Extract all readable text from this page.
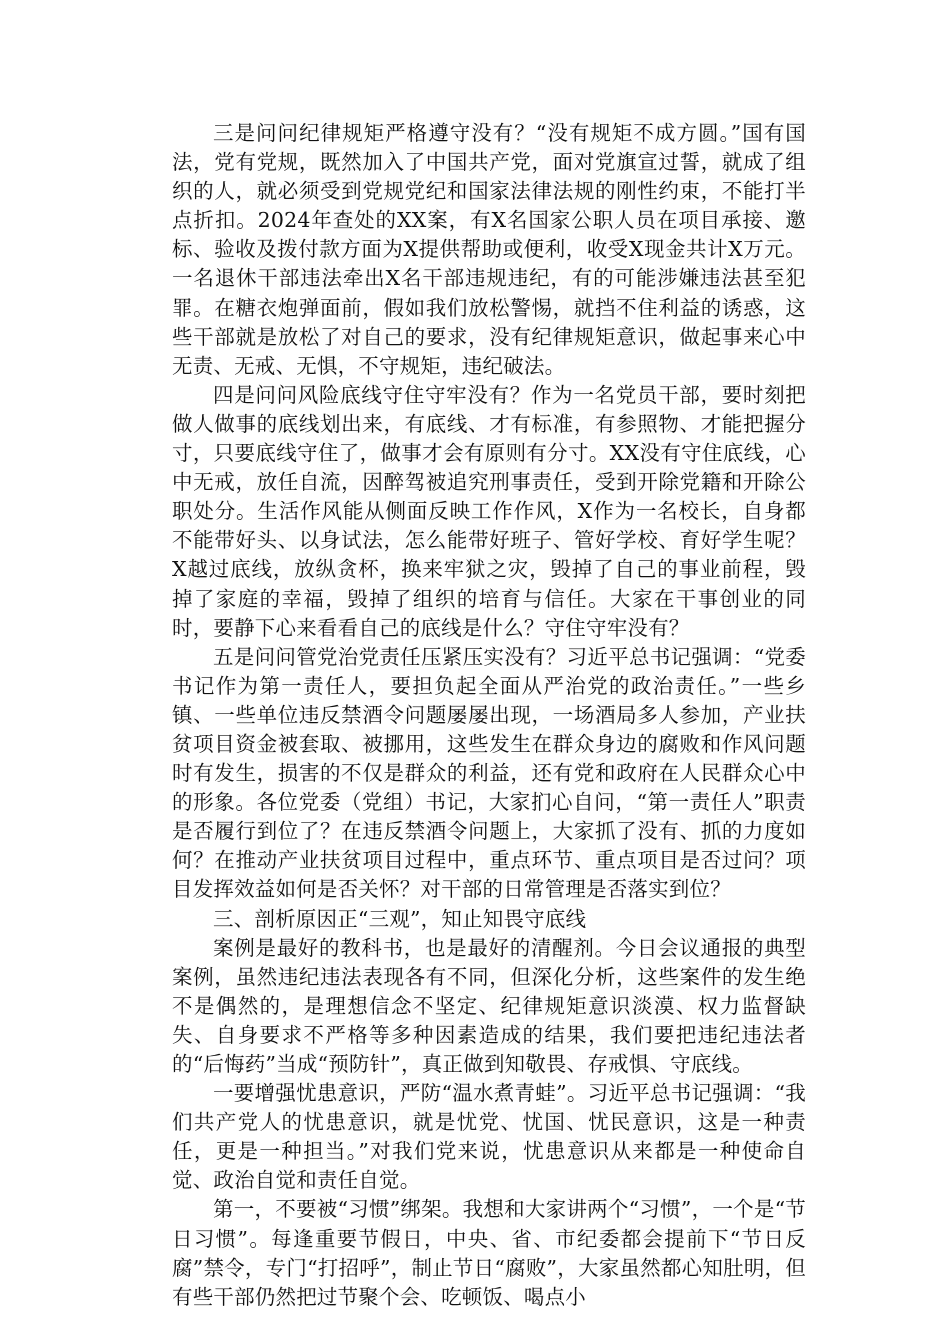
三是问问纪律规矩严格遵守没有？“没有规矩不成方圆。”国有国法，党有党规，既然加入了中国共产党，面对党旗宣过誓，就成了组织的人，就必须受到党规党纪和国家法律法规的刚性约束，不能打半点折扣。2024年查处的XX案，有X名国家公职人员在项目承接、邀标、验收及拨付款方面为X提供帮助或便利，收受X现金共计X万元。一名退休干部违法牵出X名干部违规违纪，有的可能涉嫌违法甚至犯罪。在糖衣炮弹面前，假如我们放松警惕，就挡不住利益的诱惑，这些干部就是放松了对自己的要求，没有纪律规矩意识，做起事来心中无责、无戒、无惧，不守规矩，违纪破法。

四是问问风险底线守住守牢没有？作为一名党员干部，要时刻把做人做事的底线划出来，有底线、才有标准，有参照物、才能把握分寸，只要底线守住了，做事才会有原则有分寸。XX没有守住底线，心中无戒，放任自流，因醉驾被追究刑事责任，受到开除党籍和开除公职处分。生活作风能从侧面反映工作作风，X作为一名校长，自身都不能带好头、以身试法，怎么能带好班子、管好学校、育好学生呢？X越过底线，放纵贪杯，换来牢狱之灾，毁掉了自己的事业前程，毁掉了家庭的幸福，毁掉了组织的培育与信任。大家在干事创业的同时，要静下心来看看自己的底线是什么？守住守牢没有？

五是问问管党治党责任压紧压实没有？习近平总书记强调：“党委书记作为第一责任人，要担负起全面从严治党的政治责任。”一些乡镇、一些单位违反禁酒令问题屡屡出现，一场酒局多人参加，产业扶贫项目资金被套取、被挪用，这些发生在群众身边的腐败和作风问题时有发生，损害的不仅是群众的利益，还有党和政府在人民群众心中的形象。各位党委（党组）书记，大家扪心自问，“第一责任人”职责是否履行到位了？在违反禁酒令问题上，大家抓了没有、抓的力度如何？在推动产业扶贫项目过程中，重点环节、重点项目是否过问？项目发挥效益如何是否关怀？对干部的日常管理是否落实到位？

三、剖析原因正“三观”，知止知畏守底线

案例是最好的教科书，也是最好的清醒剂。今日会议通报的典型案例，虽然违纪违法表现各有不同，但深化分析，这些案件的发生绝不是偶然的，是理想信念不坚定、纪律规矩意识淡漠、权力监督缺失、自身要求不严格等多种因素造成的结果，我们要把违纪违法者的“后悔药”当成“预防针”，真正做到知敬畏、存戒惧、守底线。

一要增强忧患意识，严防“温水煮青蛙”。习近平总书记强调：“我们共产党人的忧患意识，就是忧党、忧国、忧民意识，这是一种责任，更是一种担当。”对我们党来说，忧患意识从来都是一种使命自觉、政治自觉和责任自觉。

第一，不要被“习惯”绑架。我想和大家讲两个“习惯”，一个是“节日习惯”。每逢重要节假日，中央、省、市纪委都会提前下“节日反腐”禁令，专门“打招呼”，制止节日“腐败”，大家虽然都心知肚明，但有些干部仍然把过节聚个会、吃顿饭、喝点小
